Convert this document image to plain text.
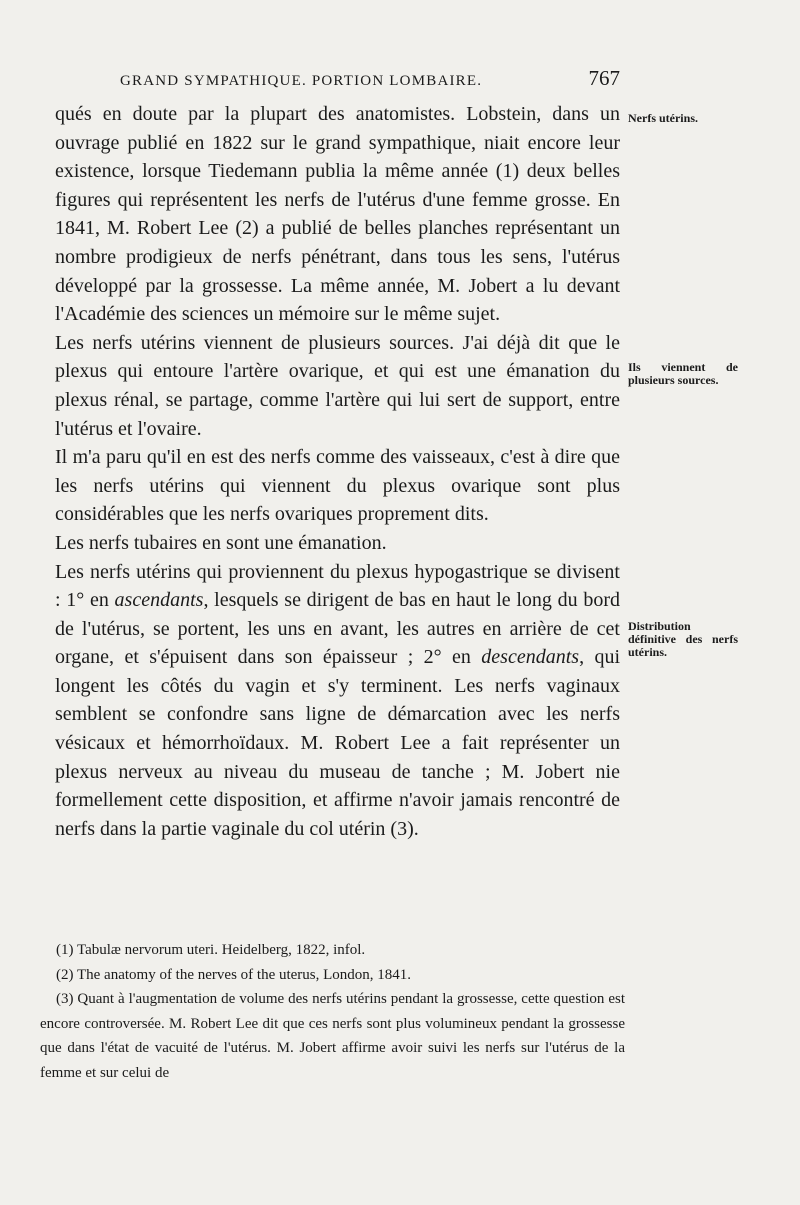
GRAND SYMPATHIQUE. PORTION LOMBAIRE.	767

qués en doute par la plupart des anatomistes. Lobstein, dans un ouvrage publié en 1822 sur le grand sympathique, niait encore leur existence, lorsque Tiedemann publia la même année (1) deux belles figures qui représentent les nerfs de l'utérus d'une femme grosse. En 1841, M. Robert Lee (2) a publié de belles planches représentant un nombre prodigieux de nerfs pénétrant, dans tous les sens, l'utérus développé par la grossesse. La même année, M. Jobert a lu devant l'Académie des sciences un mémoire sur le même sujet.

Les nerfs utérins viennent de plusieurs sources. J'ai déjà dit que le plexus qui entoure l'artère ovarique, et qui est une émanation du plexus rénal, se partage, comme l'artère qui lui sert de support, entre l'utérus et l'ovaire.

Il m'a paru qu'il en est des nerfs comme des vaisseaux, c'est à dire que les nerfs utérins qui viennent du plexus ovarique sont plus considérables que les nerfs ovariques proprement dits.

Les nerfs tubaires en sont une émanation.

Les nerfs utérins qui proviennent du plexus hypogastrique se divisent : 1° en ascendants, lesquels se dirigent de bas en haut le long du bord de l'utérus, se portent, les uns en avant, les autres en arrière de cet organe, et s'épuisent dans son épaisseur ; 2° en descendants, qui longent les côtés du vagin et s'y terminent. Les nerfs vaginaux semblent se confondre sans ligne de démarcation avec les nerfs vésicaux et hémorrhoïdaux. M. Robert Lee a fait représenter un plexus nerveux au niveau du museau de tanche ; M. Jobert nie formellement cette disposition, et affirme n'avoir jamais rencontré de nerfs dans la partie vaginale du col utérin (3).

Nerfs utérins.
Ils viennent de plusieurs sources.
Distribution définitive des nerfs utérins.

(1) Tabulæ nervorum uteri. Heidelberg, 1822, infol.

(2) The anatomy of the nerves of the uterus, London, 1841.

(3) Quant à l'augmentation de volume des nerfs utérins pendant la grossesse, cette question est encore controversée. M. Robert Lee dit que ces nerfs sont plus volumineux pendant la grossesse que dans l'état de vacuité de l'utérus. M. Jobert affirme avoir suivi les nerfs sur l'utérus de la femme et sur celui de
